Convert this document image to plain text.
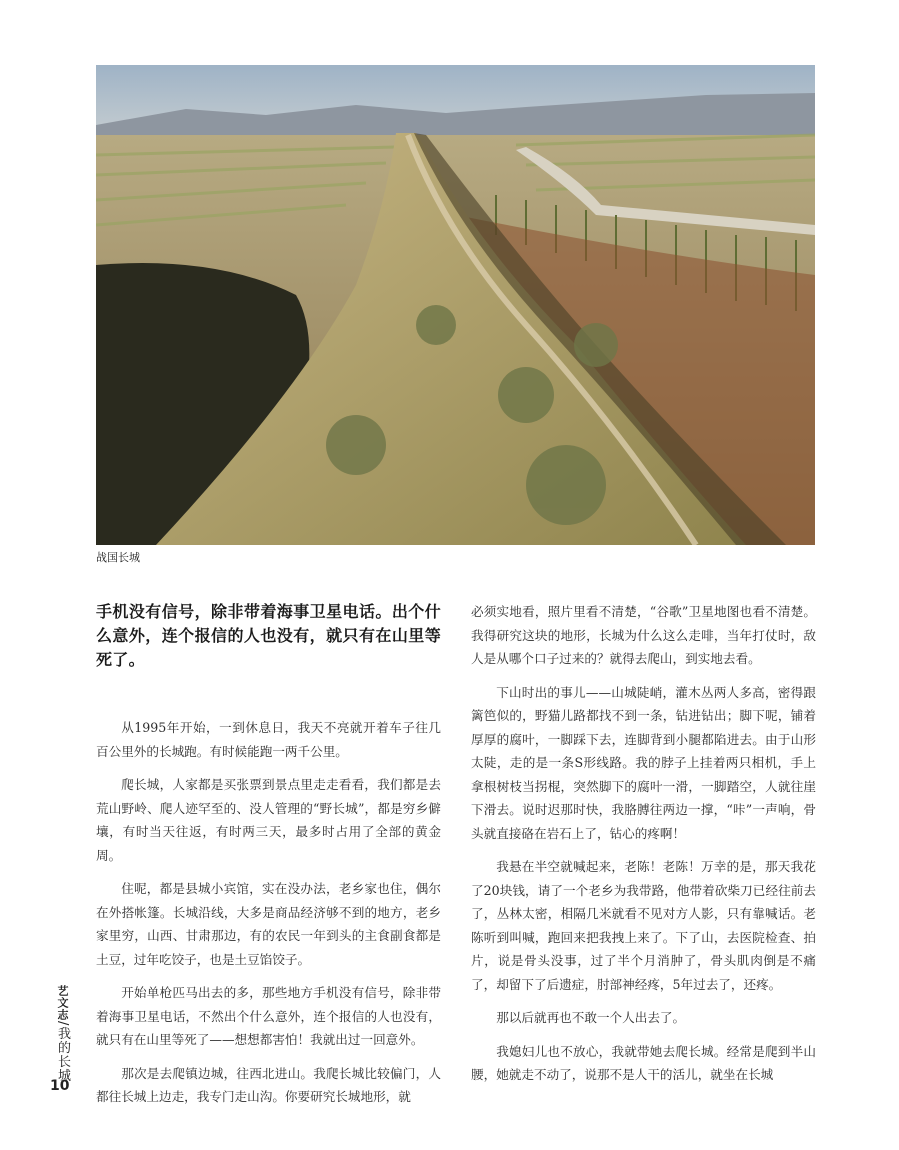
战国长城

手机没有信号，除非带着海事卫星电话。出个什么意外，连个报信的人也没有，就只有在山里等死了。

从1995年开始，一到休息日，我天不亮就开着车子往几百公里外的长城跑。有时候能跑一两千公里。

爬长城，人家都是买张票到景点里走走看看，我们都是去荒山野岭、爬人迹罕至的、没人管理的“野长城”，都是穷乡僻壤，有时当天往返，有时两三天，最多时占用了全部的黄金周。

住呢，都是县城小宾馆，实在没办法，老乡家也住，偶尔在外搭帐篷。长城沿线，大多是商品经济够不到的地方，老乡家里穷，山西、甘肃那边，有的农民一年到头的主食副食都是土豆，过年吃饺子，也是土豆馅饺子。

开始单枪匹马出去的多，那些地方手机没有信号，除非带着海事卫星电话，不然出个什么意外，连个报信的人也没有，就只有在山里等死了——想想都害怕！我就出过一回意外。

那次是去爬镇边城，往西北进山。我爬长城比较偏门，人都往长城上边走，我专门走山沟。你要研究长城地形，就

必须实地看，照片里看不清楚，“谷歌”卫星地图也看不清楚。我得研究这块的地形，长城为什么这么走啡，当年打仗时，敌人是从哪个口子过来的？就得去爬山，到实地去看。

下山时出的事儿——山城陡峭，灌木丛两人多高，密得跟篱笆似的，野猫儿路都找不到一条，钻进钻出；脚下呢，铺着厚厚的腐叶，一脚踩下去，连脚背到小腿都陷进去。由于山形太陡，走的是一条S形线路。我的脖子上挂着两只相机，手上拿根树枝当拐棍，突然脚下的腐叶一滑，一脚踏空，人就往崖下滑去。说时迟那时快，我胳膊往两边一撑，“咔”一声响，骨头就直接硌在岩石上了，钻心的疼啊！

我悬在半空就喊起来，老陈！老陈！万幸的是，那天我花了20块钱，请了一个老乡为我带路，他带着砍柴刀已经往前去了，丛林太密，相隔几米就看不见对方人影，只有靠喊话。老陈听到叫喊，跑回来把我拽上来了。下了山，去医院检查、拍片，说是骨头没事，过了半个月消肿了，骨头肌肉倒是不痛了，却留下了后遗症，肘部神经疼，5年过去了，还疼。

那以后就再也不敢一个人出去了。

我媳妇儿也不放心，我就带她去爬长城。经常是爬到半山腰，她就走不动了，说那不是人干的活儿，就坐在长城

艺文志/我的长城
10
